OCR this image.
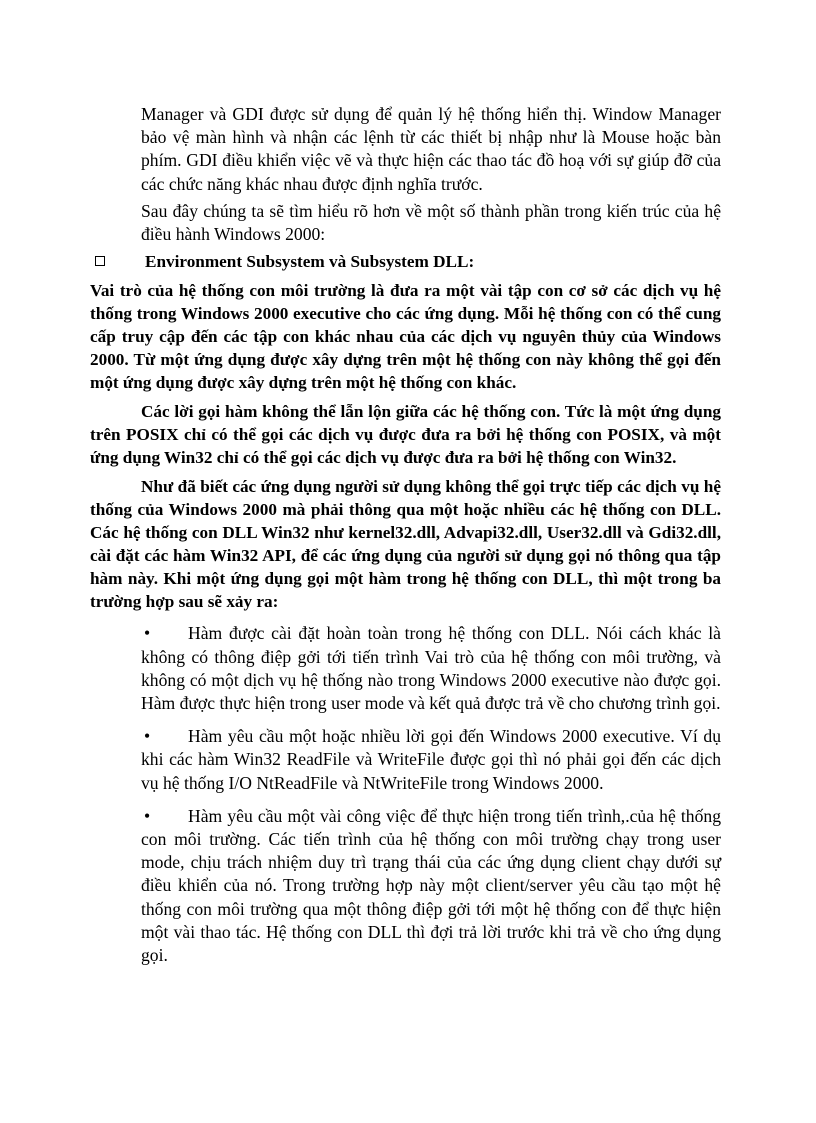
Manager và GDI được sử dụng để quản lý hệ thống hiển thị. Window Manager bảo vệ màn hình và nhận các lệnh từ các thiết bị nhập như là Mouse hoặc bàn phím. GDI điều khiển việc vẽ và thực hiện các thao tác đồ hoạ với sự giúp đỡ của các chức năng khác nhau được định nghĩa trước.

Sau đây chúng ta sẽ tìm hiểu rõ hơn về một số thành phần trong kiến trúc của hệ điều hành Windows 2000:

Environment Subsystem và Subsystem DLL:

Vai trò của hệ thống con môi trường là đưa ra một vài tập con cơ sở các dịch vụ hệ thống trong Windows 2000 executive cho các ứng dụng. Mỗi hệ thống con có thể cung cấp truy cập đến các tập con khác nhau của các dịch vụ nguyên thủy của Windows 2000. Từ một ứng dụng được xây dựng trên một hệ thống con này không thể gọi đến một ứng dụng được xây dựng trên một hệ thống con khác.

Các lời gọi hàm không thể lẫn lộn giữa các hệ thống con. Tức là một ứng dụng trên POSIX chỉ có thể gọi các dịch vụ được đưa ra bởi hệ thống con POSIX, và một ứng dụng Win32 chỉ có thể gọi các dịch vụ được đưa ra bởi hệ thống con Win32.

Như đã biết các ứng dụng người sử dụng không thể gọi trực tiếp các dịch vụ hệ thống của Windows 2000 mà phải thông qua một hoặc nhiều các hệ thống con DLL. Các hệ thống con DLL Win32 như kernel32.dll, Advapi32.dll, User32.dll và Gdi32.dll, cài đặt các hàm Win32 API, để các ứng dụng của người sử dụng gọi nó thông qua tập hàm này. Khi một ứng dụng gọi một hàm trong hệ thống con DLL, thì một trong ba trường hợp sau sẽ xảy ra:

• Hàm được cài đặt hoàn toàn trong hệ thống con DLL. Nói cách khác là không có thông điệp gởi tới tiến trình Vai trò của hệ thống con môi trường, và không có một dịch vụ hệ thống nào trong Windows 2000 executive nào được gọi. Hàm được thực hiện trong user mode và kết quả được trả về cho chương trình gọi.
• Hàm yêu cầu một hoặc nhiều lời gọi đến Windows 2000 executive. Ví dụ khi các hàm Win32 ReadFile và WriteFile được gọi thì nó phải gọi đến các dịch vụ hệ thống I/O NtReadFile và NtWriteFile trong Windows 2000.
• Hàm yêu cầu một vài công việc để thực hiện trong tiến trình,.của hệ thống con môi trường. Các tiến trình của hệ thống con môi trường chạy trong user mode, chịu trách nhiệm duy trì trạng thái của các ứng dụng client chạy dưới sự điều khiển của nó. Trong trường hợp này một client/server yêu cầu tạo một hệ thống con môi trường qua một thông điệp gởi tới một hệ thống con để thực hiện một vài thao tác. Hệ thống con DLL thì đợi trả lời trước khi trả về cho ứng dụng gọi.
